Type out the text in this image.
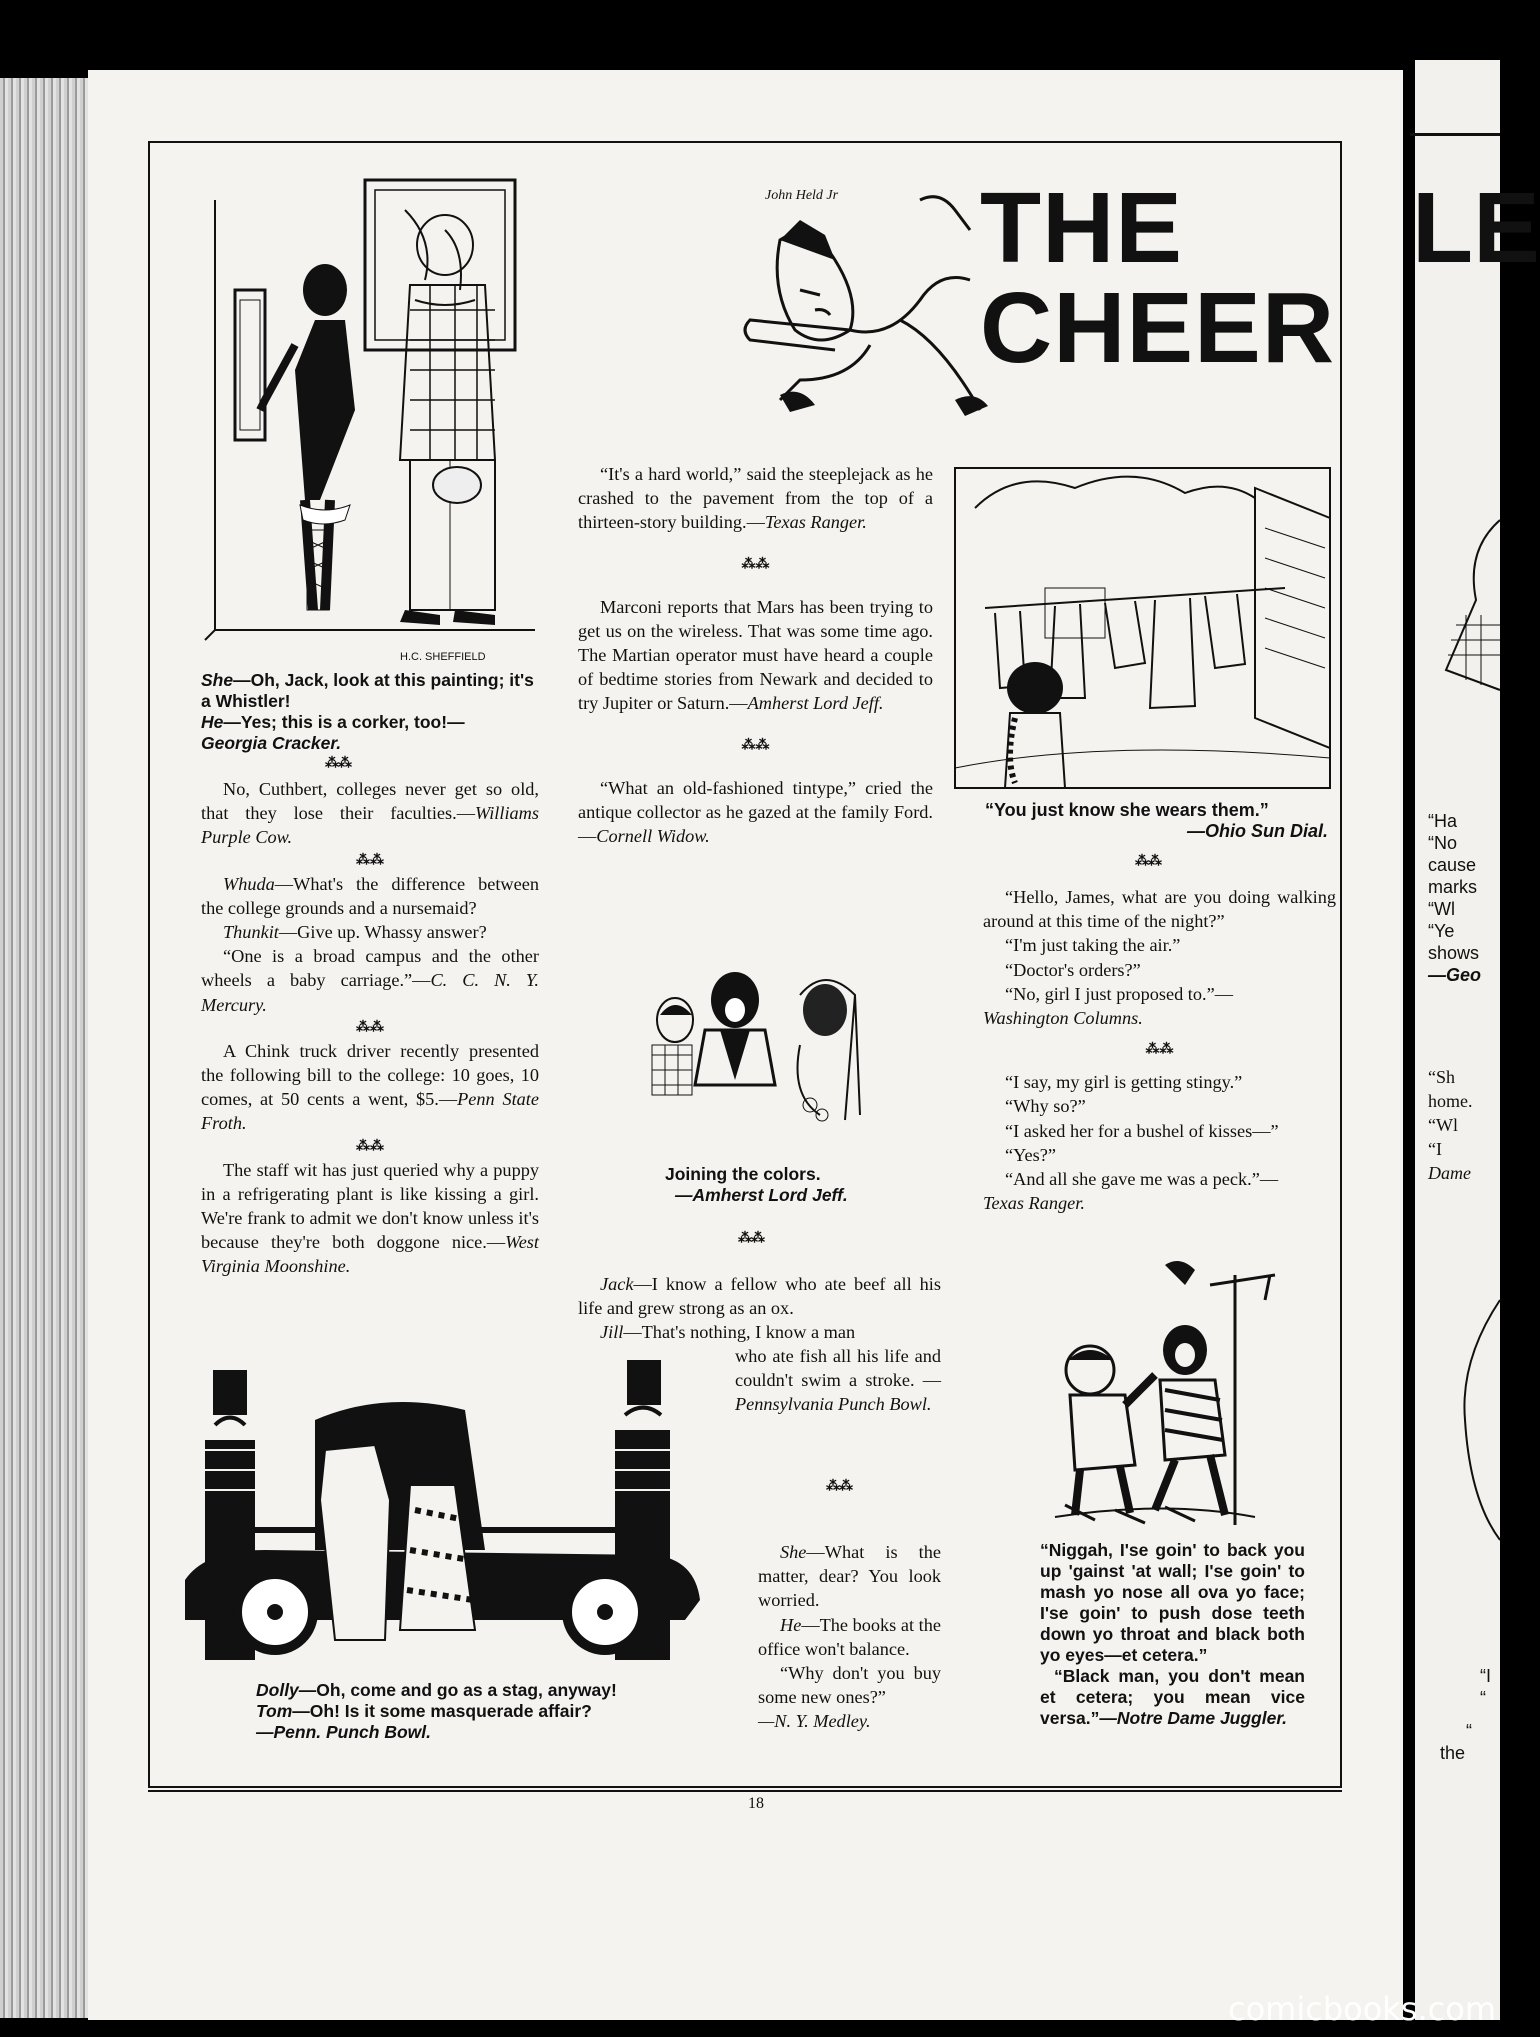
John Held Jr THE CHEER
LE
H.C. SHEFFIELD

She—Oh, Jack, look at this painting; it's a Whistler!

He—Yes; this is a corker, too!—

Georgia Cracker.

⁂⁂

No, Cuthbert, colleges never get so old, that they lose their faculties.—Williams Purple Cow.

⁂⁂

Whuda—What's the difference between the college grounds and a nursemaid?

Thunkit—Give up. Whassy answer?

“One is a broad campus and the other wheels a baby carriage.”—C. C. N. Y. Mercury.

⁂⁂

A Chink truck driver recently presented the following bill to the college: 10 goes, 10 comes, at 50 cents a went, $5.—Penn State Froth.

⁂⁂

The staff wit has just queried why a puppy in a refrigerating plant is like kissing a girl. We're frank to admit we don't know unless it's because they're both doggone nice.—West Virginia Moonshine.

“It's a hard world,” said the steeplejack as he crashed to the pavement from the top of a thirteen-story building.—Texas Ranger.

⁂⁂

Marconi reports that Mars has been trying to get us on the wireless. That was some time ago. The Martian operator must have heard a couple of bedtime stories from Newark and decided to try Jupiter or Saturn.—Amherst Lord Jeff.

⁂⁂

“What an old-fashioned tintype,” cried the antique collector as he gazed at the family Ford.—Cornell Widow.

Joining the colors.

—Amherst Lord Jeff.

⁂⁂

Jack—I know a fellow who ate beef all his life and grew strong as an ox.

Jill—That's nothing, I know a man

who ate fish all his life and couldn't swim a stroke. — Pennsylvania Punch Bowl.

⁂⁂

She—What is the matter, dear? You look worried.

He—The books at the office won't balance.

“Why don't you buy some new ones?”

—N. Y. Medley.

Dolly—Oh, come and go as a stag, anyway!

Tom—Oh! Is it some masquerade affair?

—Penn. Punch Bowl.

“You just know she wears them.”

—Ohio Sun Dial.

⁂⁂

“Hello, James, what are you doing walking around at this time of the night?”

“I'm just taking the air.”

“Doctor's orders?”

“No, girl I just proposed to.”—

Washington Columns.

⁂⁂

“I say, my girl is getting stingy.”

“Why so?”

“I asked her for a bushel of kisses—”

“Yes?”

“And all she gave me was a peck.”—

Texas Ranger.

“Niggah, I'se goin' to back you up 'gainst 'at wall; I'se goin' to mash yo nose all ova yo face; I'se goin' to push dose teeth down yo throat and black both yo eyes—et cetera.”

“Black man, you don't mean et cetera; you mean vice versa.”—Notre Dame Juggler.

“Ha
“No
cause
marks
“Wl
“Ye
shows
—Geo
“Sh
home.
“Wl
“I
Dame
“I
“
“
the
18
comicbooks.com
